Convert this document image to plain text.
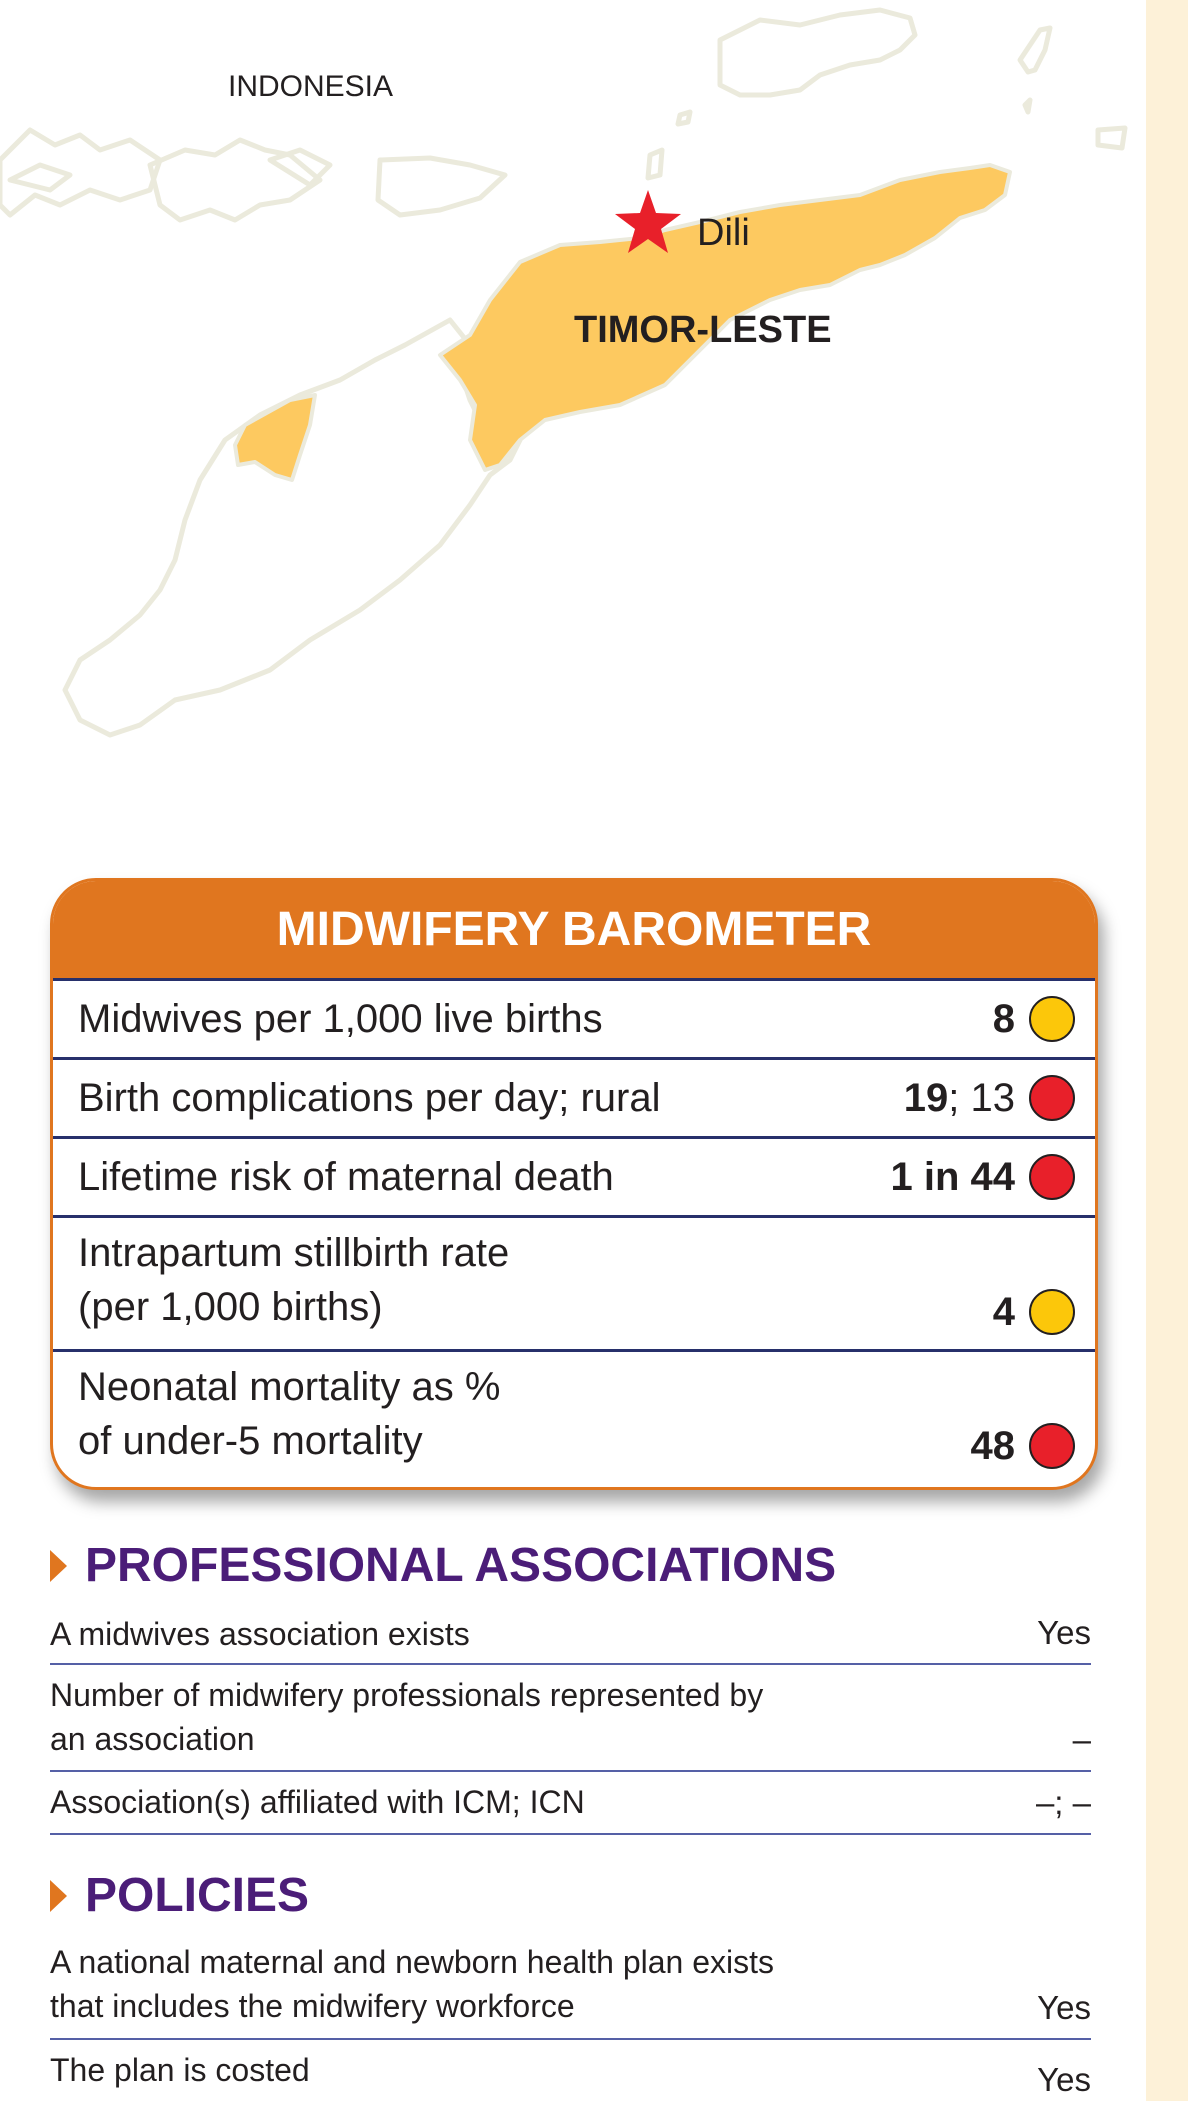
INDONESIA
Dili
TIMOR-LESTE
MIDWIFERY BAROMETER
Midwives per 1,000 live births	8
Birth complications per day; rural	19; 13
Lifetime risk of maternal death	1 in 44
Intrapartum stillbirth rate
(per 1,000 births)	4
Neonatal mortality as %
of under-5 mortality	48
PROFESSIONAL ASSOCIATIONS
A midwives association exists	Yes
Number of midwifery professionals represented by
an association	–
Association(s) affiliated with ICM; ICN	–; –
POLICIES
A national maternal and newborn health plan exists
that includes the midwifery workforce	Yes
The plan is costed	Yes
